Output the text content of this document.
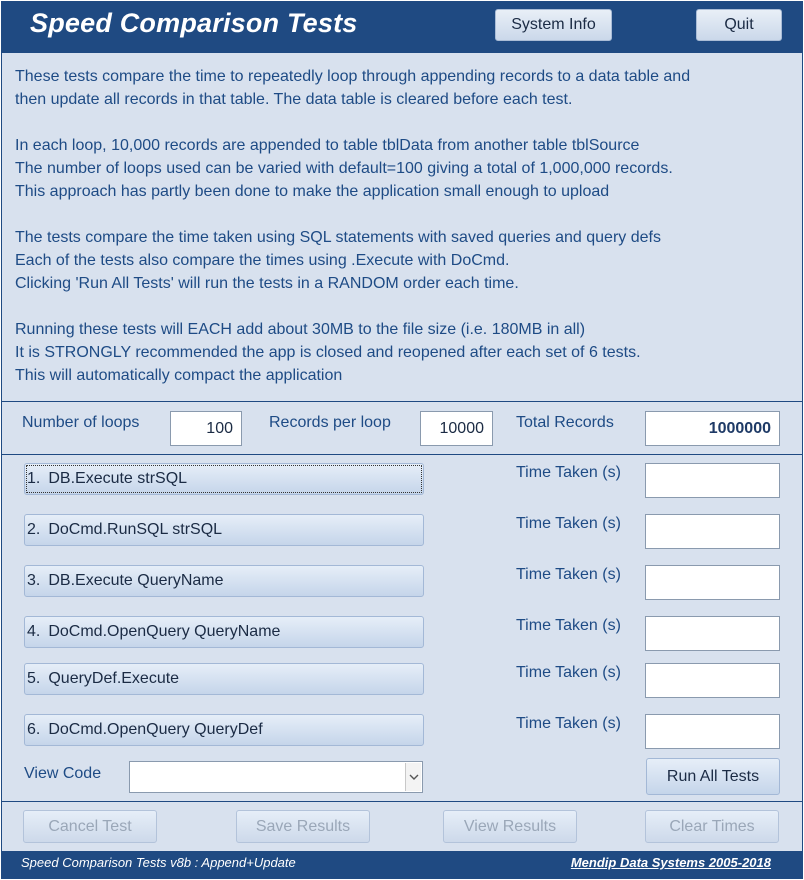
Speed Comparison Tests	System Info	Quit
These tests compare the time to repeatedly loop through appending records to a data table and
then update all records in that table. The data table is cleared before each test.
In each loop, 10,000 records are appended to table tblData from another table tblSource
The number of loops used can be varied with default=100 giving a total of 1,000,000 records.
This approach has partly been done to make the application small enough to upload
The tests compare the time taken using SQL statements with saved queries and query defs
Each of the tests also compare the times using .Execute with DoCmd.
Clicking 'Run All Tests' will run the tests in a RANDOM order each time.
Running these tests will EACH add about 30MB to the file size (i.e. 180MB in all)
It is STRONGLY recommended the app is closed and reopened after each set of 6 tests.
This will automatically compact the application
Number of loops	100	Records per loop	10000	Total Records	1000000
1. DB.Execute strSQL	Time Taken (s)
2. DoCmd.RunSQL strSQL	Time Taken (s)
3. DB.Execute QueryName	Time Taken (s)
4. DoCmd.OpenQuery QueryName	Time Taken (s)
5. QueryDef.Execute	Time Taken (s)
6. DoCmd.OpenQuery QueryDef	Time Taken (s)
View Code	Run All Tests
Cancel Test	Save Results	View Results	Clear Times
Speed Comparison Tests v8b : Append+Update	Mendip Data Systems 2005-2018
